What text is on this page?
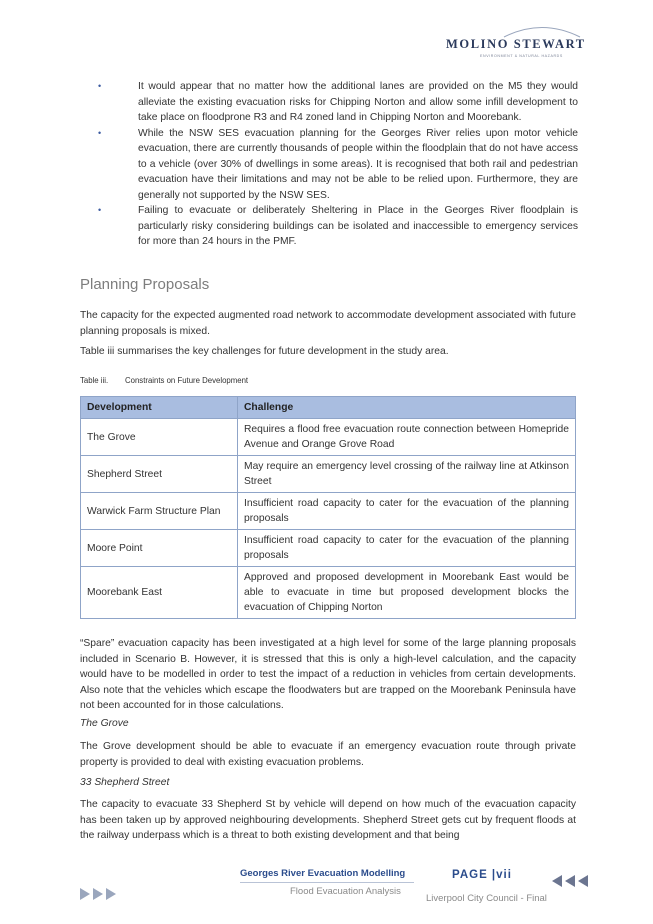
MOLINO STEWART
ENVIRONMENT & NATURAL HAZARDS
•	It would appear that no matter how the additional lanes are provided on the M5 they would alleviate the existing evacuation risks for Chipping Norton and allow some infill development to take place on floodprone R3 and R4 zoned land in Chipping Norton and Moorebank.
•	While the NSW SES evacuation planning for the Georges River relies upon motor vehicle evacuation, there are currently thousands of people within the floodplain that do not have access to a vehicle (over 30% of dwellings in some areas). It is recognised that both rail and pedestrian evacuation have their limitations and may not be able to be relied upon. Furthermore, they are generally not supported by the NSW SES.
•	Failing to evacuate or deliberately Sheltering in Place in the Georges River floodplain is particularly risky considering buildings can be isolated and inaccessible to emergency services for more than 24 hours in the PMF.
Planning Proposals

The capacity for the expected augmented road network to accommodate development associated with future planning proposals is mixed.

Table iii summarises the key challenges for future development in the study area.

Table iii. Constraints on Future Development
Development	Challenge
The Grove	Requires a flood free evacuation route connection between Homepride Avenue and Orange Grove Road
Shepherd Street	May require an emergency level crossing of the railway line at Atkinson Street
Warwick Farm Structure Plan	Insufficient road capacity to cater for the evacuation of the planning proposals
Moore Point	Insufficient road capacity to cater for the evacuation of the planning proposals
Moorebank East	Approved and proposed development in Moorebank East would be able to evacuate in time but proposed development blocks the evacuation of Chipping Norton

“Spare” evacuation capacity has been investigated at a high level for some of the large planning proposals included in Scenario B. However, it is stressed that this is only a high-level calculation, and the capacity would have to be modelled in order to test the impact of a reduction in vehicles from certain developments. Also note that the vehicles which escape the floodwaters but are trapped on the Moorebank Peninsula have not been accounted for in those calculations.

The Grove

The Grove development should be able to evacuate if an emergency evacuation route through private property is provided to deal with existing evacuation problems.

33 Shepherd Street

The capacity to evacuate 33 Shepherd St by vehicle will depend on how much of the evacuation capacity has been taken up by approved neighbouring developments. Shepherd Street gets cut by frequent floods at the railway underpass which is a threat to both existing development and that being

Georges River Evacuation Modelling
Flood Evacuation Analysis
PAGE |vii
Liverpool City Council - Final
